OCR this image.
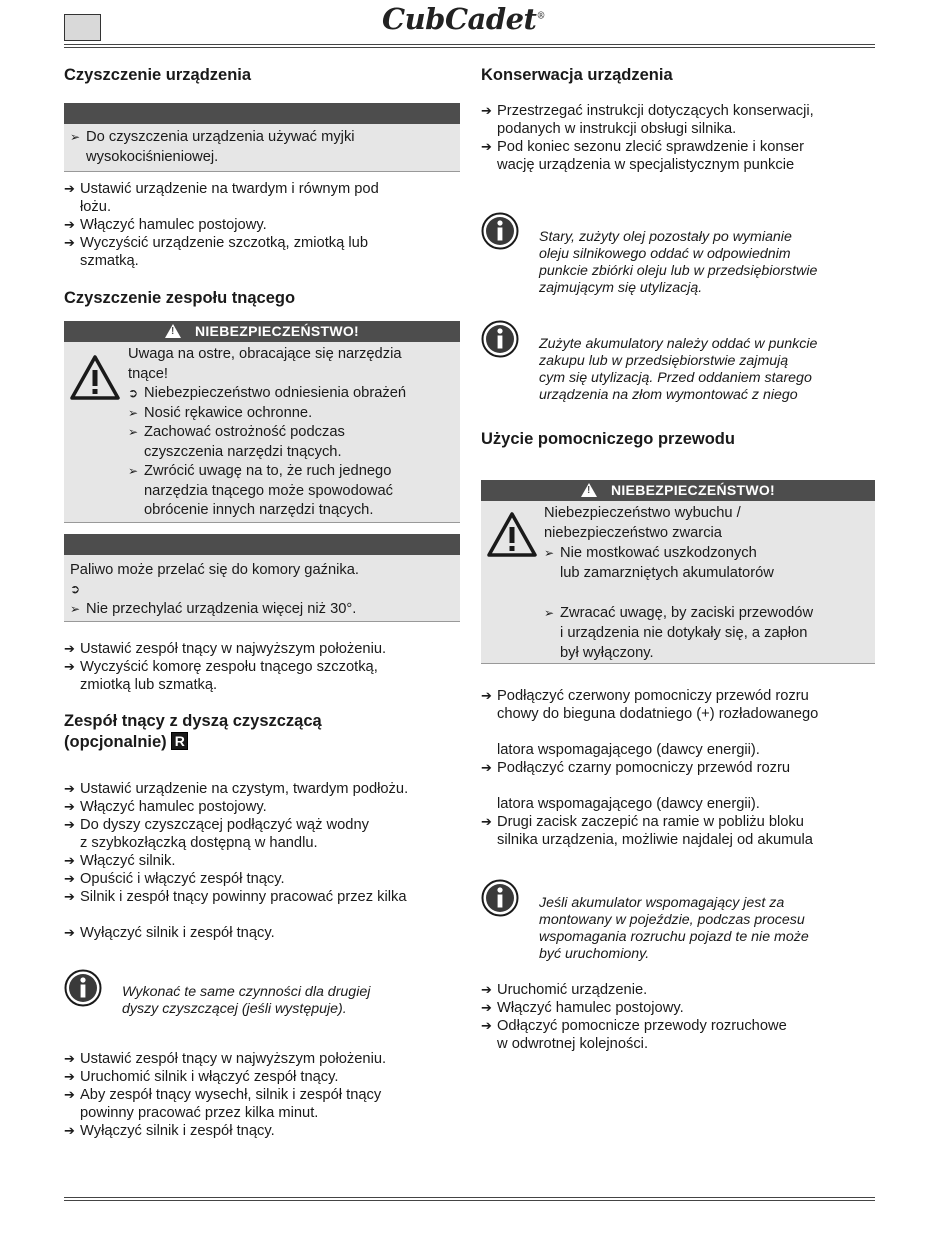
CubCadet®
Czyszczenie urządzenia
➢ Do czyszczenia urządzenia używać myjki
wysokociśnieniowej.
➔ Ustawić urządzenie na twardym i równym pod
łożu.
➔ Włączyć hamulec postojowy.
➔ Wyczyścić urządzenie szczotką, zmiotką lub
szmatką.
Czyszczenie zespołu tnącego
!NIEBEZPIECZEŃSTWO!
Uwaga na ostre, obracające się narzędzia
tnące!
➲ Niebezpieczeństwo odniesienia obrażeń
➢ Nosić rękawice ochronne.
➢ Zachować ostrożność podczas
czyszczenia narzędzi tnących.
➢ Zwrócić uwagę na to, że ruch jednego
narzędzia tnącego może spowodować
obrócenie innych narzędzi tnących.
Paliwo może przelać się do komory gaźnika.
➲
➢ Nie przechylać urządzenia więcej niż 30°.
➔ Ustawić zespół tnący w najwyższym położeniu.
➔ Wyczyścić komorę zespołu tnącego szczotką,
zmiotką lub szmatką.
Zespół tnący z dyszą czyszczącą
(opcjonalnie) R
➔ Ustawić urządzenie na czystym, twardym podłożu.
➔ Włączyć hamulec postojowy.
➔ Do dyszy czyszczącej podłączyć wąż wodny
z szybkozłączką dostępną w handlu.
➔ Włączyć silnik.
➔ Opuścić i włączyć zespół tnący.
➔ Silnik i zespół tnący powinny pracować przez kilka
➔ Wyłączyć silnik i zespół tnący.
Wykonać te same czynności dla drugiej
dyszy czyszczącej (jeśli występuje).
➔ Ustawić zespół tnący w najwyższym położeniu.
➔ Uruchomić silnik i włączyć zespół tnący.
➔ Aby zespół tnący wysechł, silnik i zespół tnący
powinny pracować przez kilka minut.
➔ Wyłączyć silnik i zespół tnący.
Konserwacja urządzenia
➔ Przestrzegać instrukcji dotyczących konserwacji,
podanych w instrukcji obsługi silnika.
➔ Pod koniec sezonu zlecić sprawdzenie i konser
wację urządzenia w specjalistycznym punkcie
Stary, zużyty olej pozostały po wymianie
oleju silnikowego oddać w odpowiednim
punkcie zbiórki oleju lub w przedsiębiorstwie
zajmującym się utylizacją.
Zużyte akumulatory należy oddać w punkcie
zakupu lub w przedsiębiorstwie zajmują
cym się utylizacją. Przed oddaniem starego
urządzenia na złom wymontować z niego
Użycie pomocniczego przewodu
!NIEBEZPIECZEŃSTWO!
Niebezpieczeństwo wybuchu /
niebezpieczeństwo zwarcia
➢ Nie mostkować uszkodzonych
lub zamarzniętych akumulatorów
➢ Zwracać uwagę, by zaciski przewodów
i urządzenia nie dotykały się, a zapłon
był wyłączony.
➔ Podłączyć czerwony pomocniczy przewód rozru
chowy do bieguna dodatniego (+) rozładowanego
latora wspomagającego (dawcy energii).
➔ Podłączyć czarny pomocniczy przewód rozru
latora wspomagającego (dawcy energii).
➔ Drugi zacisk zaczepić na ramie w pobliżu bloku
silnika urządzenia, możliwie najdalej od akumula
Jeśli akumulator wspomagający jest za
montowany w pojeździe, podczas procesu
wspomagania rozruchu pojazd te nie może
być uruchomiony.
➔ Uruchomić urządzenie.
➔ Włączyć hamulec postojowy.
➔ Odłączyć pomocnicze przewody rozruchowe
w odwrotnej kolejności.
